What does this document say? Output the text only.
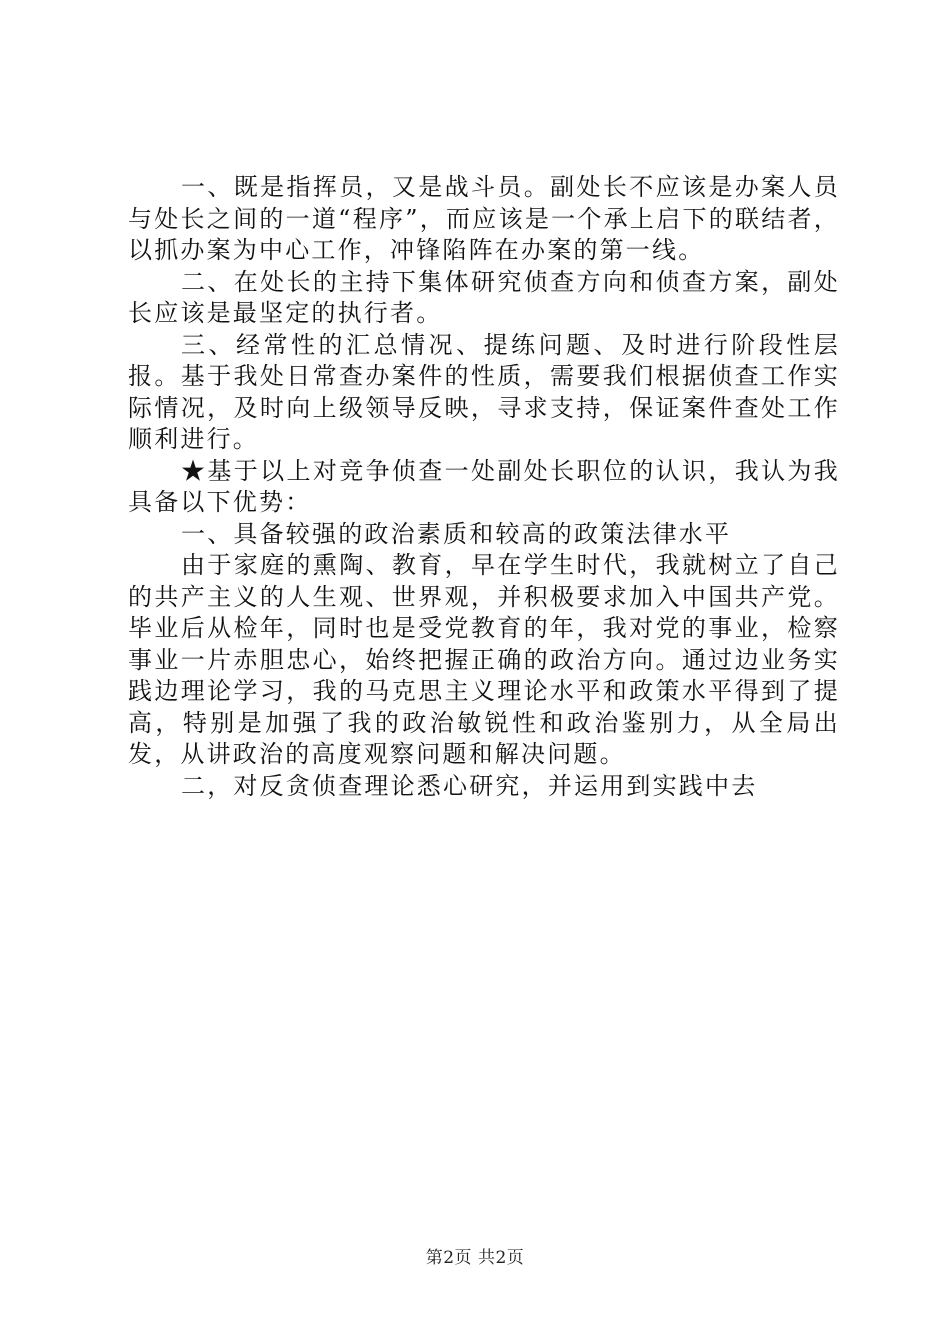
一、既是指挥员，又是战斗员。副处长不应该是办案人员与处长之间的一道“程序”，而应该是一个承上启下的联结者，以抓办案为中心工作，冲锋陷阵在办案的第一线。

二、在处长的主持下集体研究侦查方向和侦查方案，副处长应该是最坚定的执行者。

三、经常性的汇总情况、提练问题、及时进行阶段性层报。基于我处日常查办案件的性质，需要我们根据侦查工作实际情况，及时向上级领导反映，寻求支持，保证案件查处工作顺利进行。

★基于以上对竞争侦查一处副处长职位的认识，我认为我具备以下优势：

一、具备较强的政治素质和较高的政策法律水平

由于家庭的熏陶、教育，早在学生时代，我就树立了自己的共产主义的人生观、世界观，并积极要求加入中国共产党。毕业后从检年，同时也是受党教育的年，我对党的事业，检察事业一片赤胆忠心，始终把握正确的政治方向。通过边业务实践边理论学习，我的马克思主义理论水平和政策水平得到了提高，特别是加强了我的政治敏锐性和政治鉴别力，从全局出发，从讲政治的高度观察问题和解决问题。

二，对反贪侦查理论悉心研究，并运用到实践中去

第2页 共2页
